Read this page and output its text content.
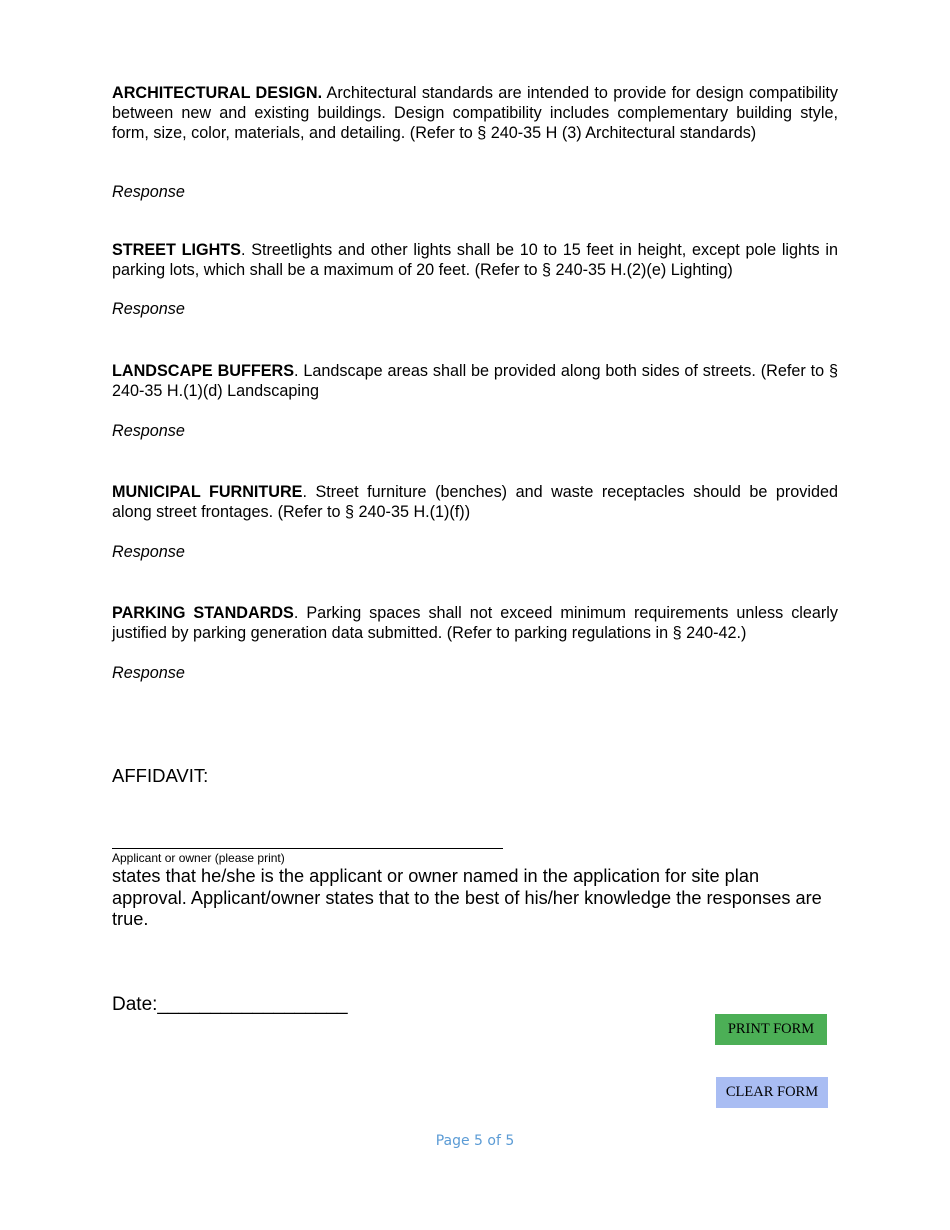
ARCHITECTURAL DESIGN. Architectural standards are intended to provide for design compatibility between new and existing buildings. Design compatibility includes complementary building style, form, size, color, materials, and detailing. (Refer to § 240-35 H (3) Architectural standards)

Response

STREET LIGHTS. Streetlights and other lights shall be 10 to 15 feet in height, except pole lights in parking lots, which shall be a maximum of 20 feet. (Refer to § 240-35 H.(2)(e) Lighting)

Response

LANDSCAPE BUFFERS. Landscape areas shall be provided along both sides of streets. (Refer to § 240-35 H.(1)(d) Landscaping

Response

MUNICIPAL FURNITURE. Street furniture (benches) and waste receptacles should be provided along street frontages. (Refer to § 240-35 H.(1)(f))

Response

PARKING STANDARDS. Parking spaces shall not exceed minimum requirements unless clearly justified by parking generation data submitted. (Refer to parking regulations in § 240-42.)

Response

AFFIDAVIT:

Applicant or owner (please print)

states that he/she is the applicant or owner named in the application for site plan approval. Applicant/owner states that to the best of his/her knowledge the responses are true.

Date:__________________

PRINT FORM
CLEAR FORM

Page 5 of 5
